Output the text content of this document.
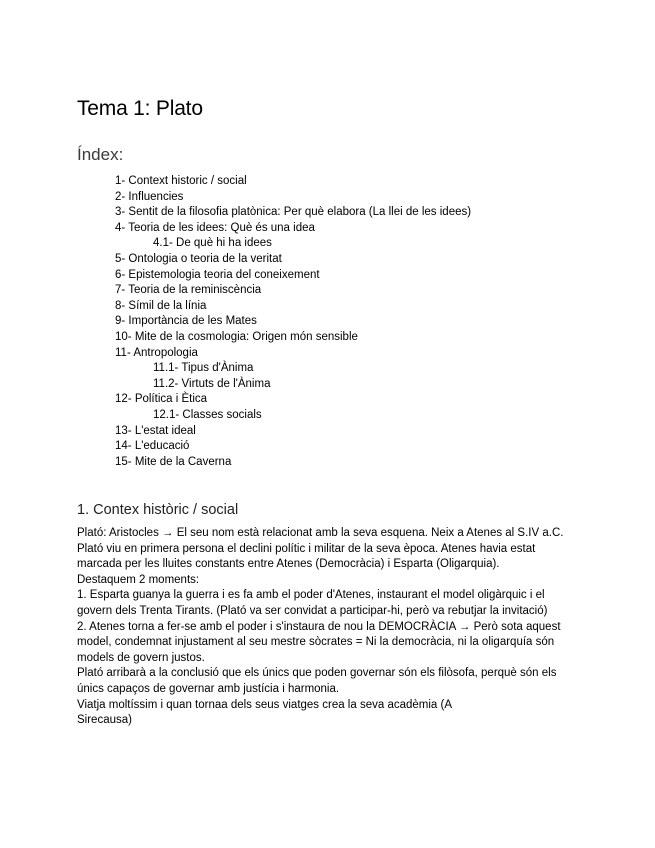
Tema 1: Plato
Índex:
1- Context historic / social
2- Influencies
3- Sentit de la filosofia platònica: Per què elabora (La llei de les idees)
4- Teoria de les idees: Què és una idea
4.1- De què hi ha idees
5- Ontologia o teoria de la veritat
6- Epistemologia teoria del coneixement
7- Teoria de la reminiscència
8- Símil de la línia
9- Importància de les Mates
10- Mite de la cosmologia: Origen món sensible
11- Antropologia
11.1- Tipus d'Ànima
11.2- Virtuts de l'Ànima
12- Política i Ètica
12.1- Classes socials
13- L'estat ideal
14- L'educació
15- Mite de la Caverna
1. Contex històric / social

Plató: Aristocles → El seu nom està relacionat amb la seva esquena. Neix a Atenes al S.IV a.C.

Plató viu en primera persona el declini polític i militar de la seva època. Atenes havia estat

marcada per les lluites constants entre Atenes (Democràcia) i Esparta (Oligarquia).

Destaquem 2 moments:

1. Esparta guanya la guerra i es fa amb el poder d'Atenes, instaurant el model oligàrquic i el

govern dels Trenta Tirants. (Plató va ser convidat a participar-hi, però va rebutjar la invitació)

2. Atenes torna a fer-se amb el poder i s'instaura de nou la DEMOCRÀCIA → Però sota aquest

model, condemnat injustament al seu mestre sòcrates = Ni la democràcia, ni la oligarquía són

models de govern justos.

Plató arribarà a la conclusió que els únics que poden governar són els filòsofa, perquè són els

únics capaços de governar amb justícia i harmonia.

Viatja moltíssim i quan tornaa dels seus viatges crea la seva acadèmia (A

Sirecausa)
